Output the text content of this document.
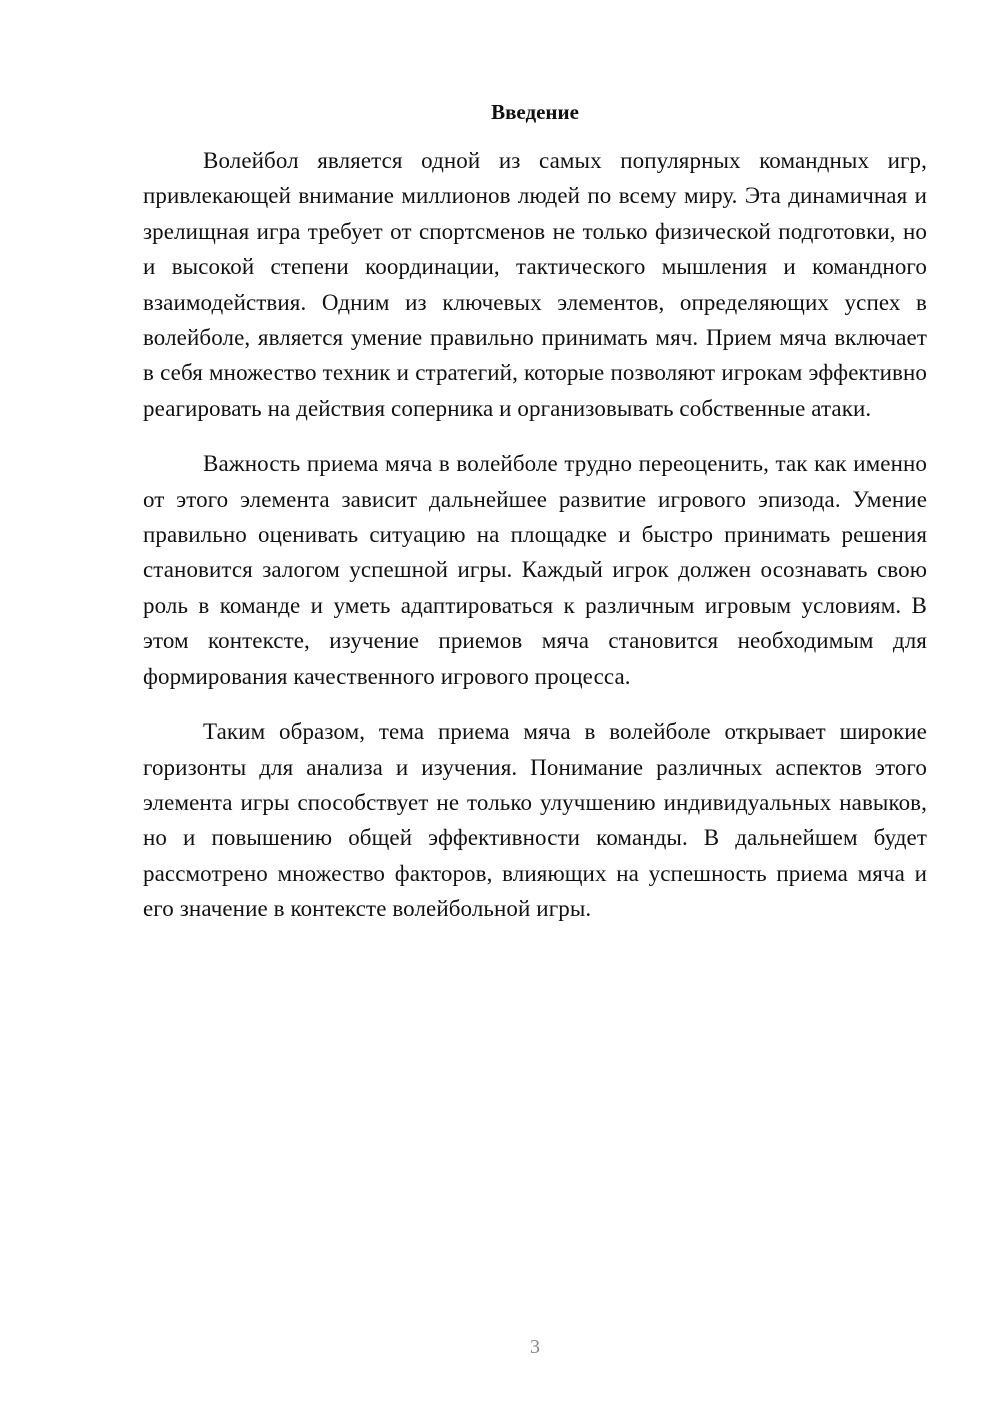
Введение

Волейбол является одной из самых популярных командных игр, привлекающей внимание миллионов людей по всему миру. Эта динамичная и зрелищная игра требует от спортсменов не только физической подготовки, но и высокой степени координации, тактического мышления и командного взаимодействия. Одним из ключевых элементов, определяющих успех в волейболе, является умение правильно принимать мяч. Прием мяча включает в себя множество техник и стратегий, которые позволяют игрокам эффективно реагировать на действия соперника и организовывать собственные атаки.

Важность приема мяча в волейболе трудно переоценить, так как именно от этого элемента зависит дальнейшее развитие игрового эпизода. Умение правильно оценивать ситуацию на площадке и быстро принимать решения становится залогом успешной игры. Каждый игрок должен осознавать свою роль в команде и уметь адаптироваться к различным игровым условиям. В этом контексте, изучение приемов мяча становится необходимым для формирования качественного игрового процесса.

Таким образом, тема приема мяча в волейболе открывает широкие горизонты для анализа и изучения. Понимание различных аспектов этого элемента игры способствует не только улучшению индивидуальных навыков, но и повышению общей эффективности команды. В дальнейшем будет рассмотрено множество факторов, влияющих на успешность приема мяча и его значение в контексте волейбольной игры.

3
